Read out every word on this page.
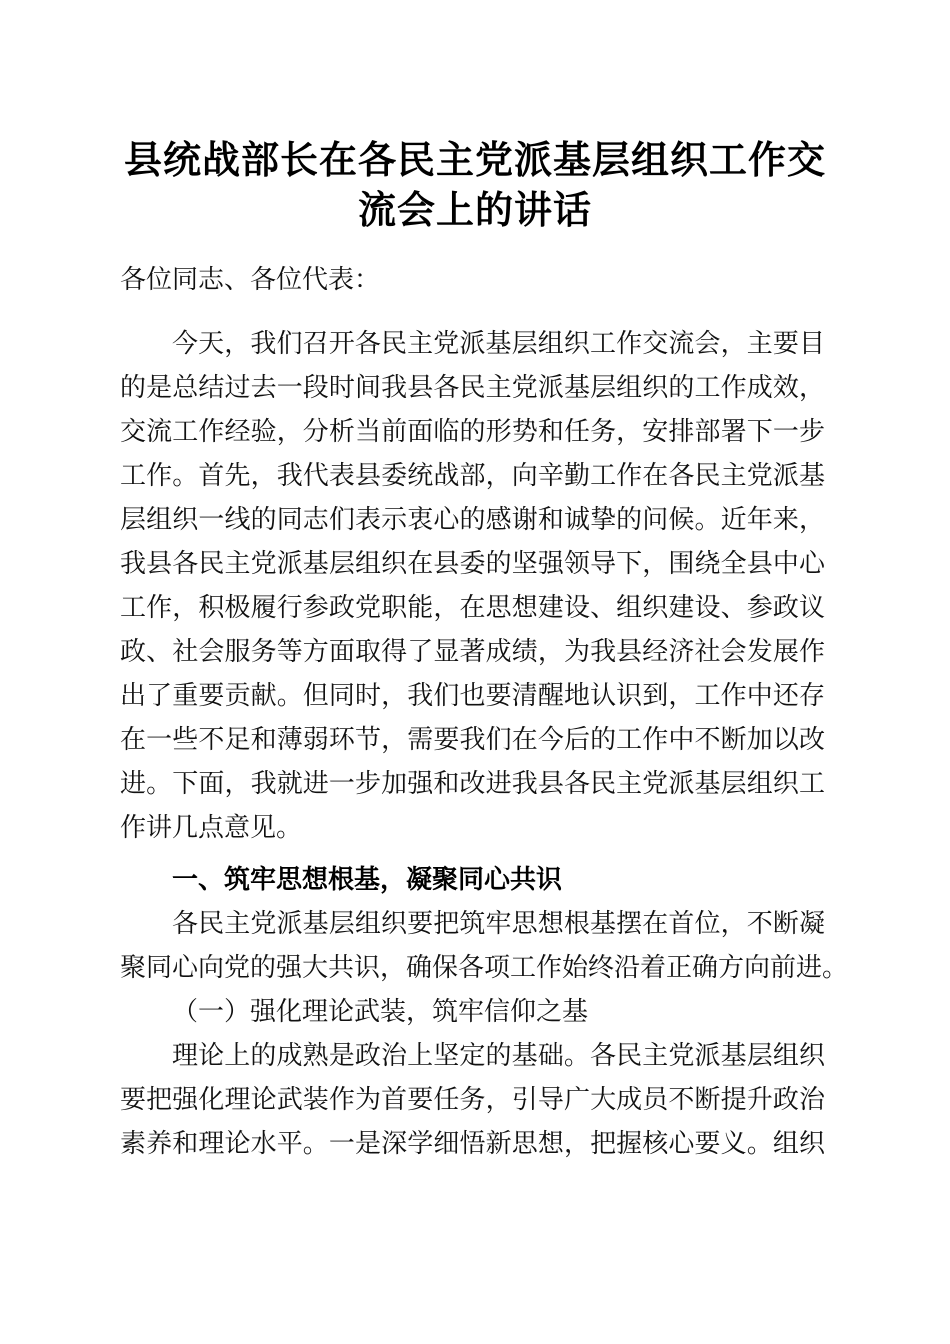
县统战部长在各民主党派基层组织工作交流会上的讲话
各位同志、各位代表：
今天，我们召开各民主党派基层组织工作交流会，主要目
的是总结过去一段时间我县各民主党派基层组织的工作成效，
交流工作经验，分析当前面临的形势和任务，安排部署下一步
工作。首先，我代表县委统战部，向辛勤工作在各民主党派基
层组织一线的同志们表示衷心的感谢和诚挚的问候。近年来，
我县各民主党派基层组织在县委的坚强领导下，围绕全县中心
工作，积极履行参政党职能，在思想建设、组织建设、参政议
政、社会服务等方面取得了显著成绩，为我县经济社会发展作
出了重要贡献。但同时，我们也要清醒地认识到，工作中还存
在一些不足和薄弱环节，需要我们在今后的工作中不断加以改
进。下面，我就进一步加强和改进我县各民主党派基层组织工
作讲几点意见。
一、筑牢思想根基，凝聚同心共识
各民主党派基层组织要把筑牢思想根基摆在首位，不断凝
聚同心向党的强大共识，确保各项工作始终沿着正确方向前进。
（一）强化理论武装，筑牢信仰之基
理论上的成熟是政治上坚定的基础。各民主党派基层组织
要把强化理论武装作为首要任务，引导广大成员不断提升政治
素养和理论水平。一是深学细悟新思想，把握核心要义。组织
